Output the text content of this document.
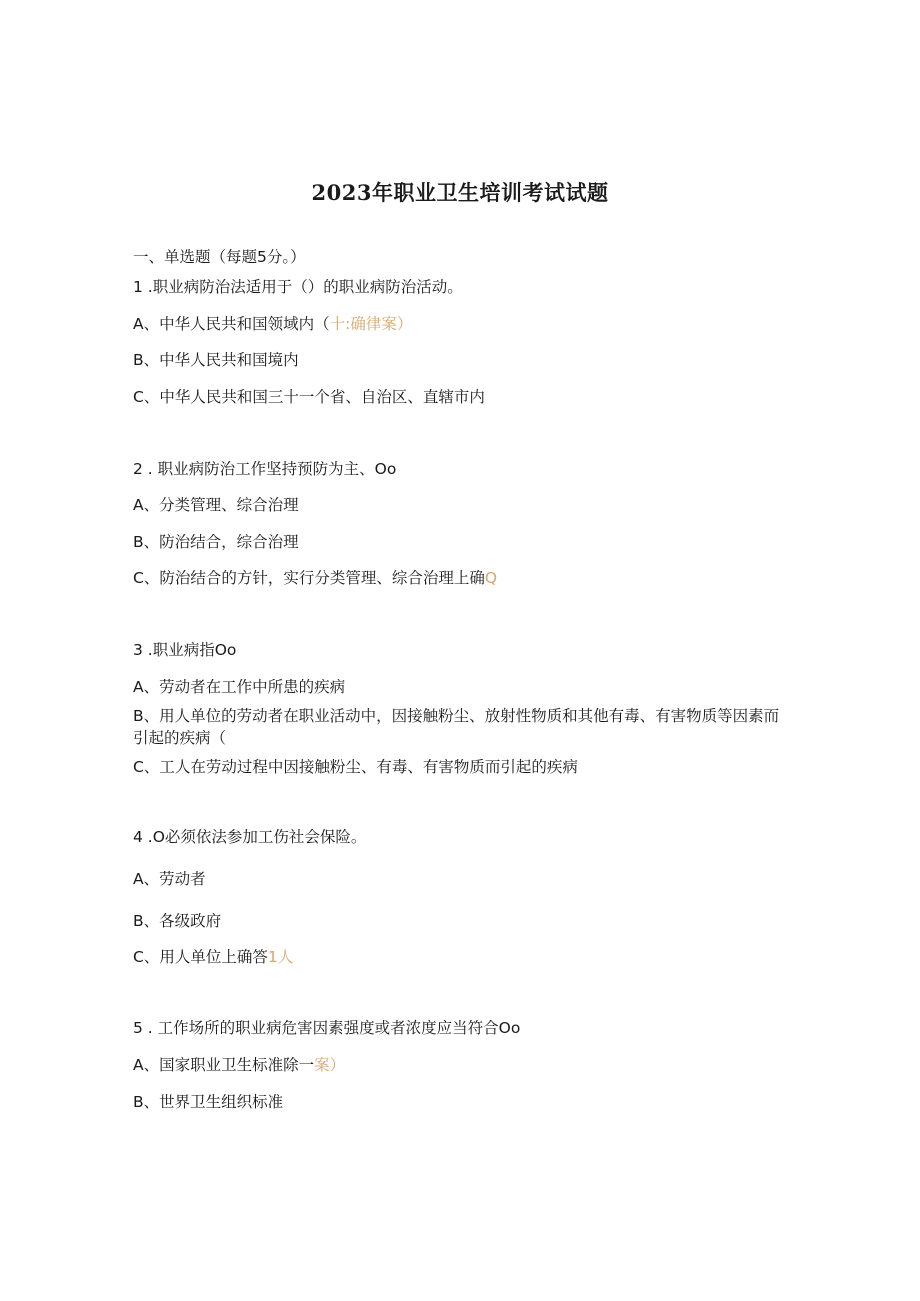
2023年职业卫生培训考试试题
一、单选题（每题5分。）
1 .职业病防治法适用于（）的职业病防治活动。
A、中华人民共和国领域内（十:确律案）
B、中华人民共和国境内
C、中华人民共和国三十一个省、自治区、直辖市内
2 . 职业病防治工作坚持预防为主、Oo
A、分类管理、综合治理
B、防治结合，综合治理
C、防治结合的方针，实行分类管理、综合治理上确Q
3 .职业病指Oo
A、劳动者在工作中所患的疾病
B、用人单位的劳动者在职业活动中，因接触粉尘、放射性物质和其他有毒、有害物质等因素而引起的疾病（
C、工人在劳动过程中因接触粉尘、有毒、有害物质而引起的疾病
4 .O必须依法参加工伤社会保险。
A、劳动者
B、各级政府
C、用人单位上确答1人
5 . 工作场所的职业病危害因素强度或者浓度应当符合Oo
A、国家职业卫生标准除一案）
B、世界卫生组织标准
